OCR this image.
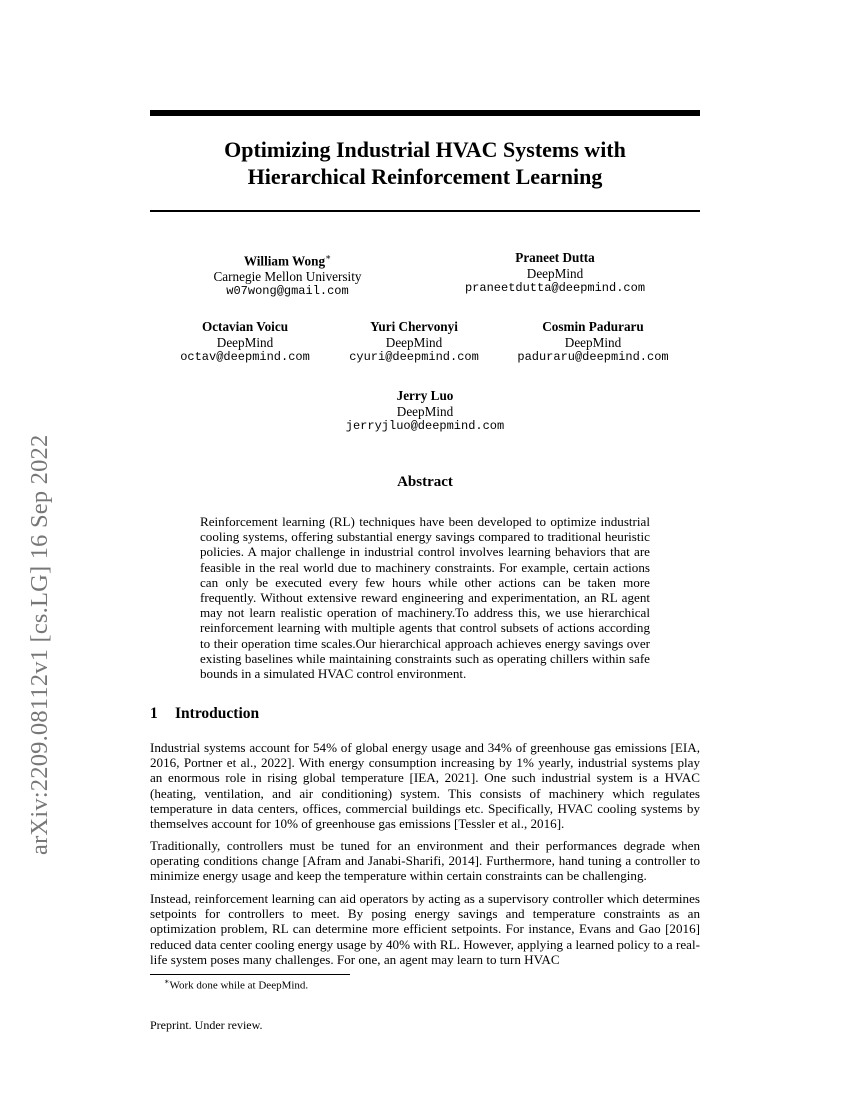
arXiv:2209.08112v1 [cs.LG] 16 Sep 2022
Optimizing Industrial HVAC Systems with
Hierarchical Reinforcement Learning
William Wong∗
Carnegie Mellon University
w07wong@gmail.com
Praneet Dutta
DeepMind
praneetdutta@deepmind.com
Octavian Voicu
DeepMind
octav@deepmind.com
Yuri Chervonyi
DeepMind
cyuri@deepmind.com
Cosmin Paduraru
DeepMind
paduraru@deepmind.com
Jerry Luo
DeepMind
jerryjluo@deepmind.com
Abstract

Reinforcement learning (RL) techniques have been developed to optimize industrial cooling systems, offering substantial energy savings compared to traditional heuristic policies. A major challenge in industrial control involves learning behaviors that are feasible in the real world due to machinery constraints. For example, certain actions can only be executed every few hours while other actions can be taken more frequently. Without extensive reward engineering and experimentation, an RL agent may not learn realistic operation of machinery.To address this, we use hierarchical reinforcement learning with multiple agents that control subsets of actions according to their operation time scales.Our hierarchical approach achieves energy savings over existing baselines while maintaining constraints such as operating chillers within safe bounds in a simulated HVAC control environment.

1 Introduction

Industrial systems account for 54% of global energy usage and 34% of greenhouse gas emissions [EIA, 2016, Portner et al., 2022]. With energy consumption increasing by 1% yearly, industrial systems play an enormous role in rising global temperature [IEA, 2021]. One such industrial system is a HVAC (heating, ventilation, and air conditioning) system. This consists of machinery which regulates temperature in data centers, offices, commercial buildings etc. Specifically, HVAC cooling systems by themselves account for 10% of greenhouse gas emissions [Tessler et al., 2016].

Traditionally, controllers must be tuned for an environment and their performances degrade when operating conditions change [Afram and Janabi-Sharifi, 2014]. Furthermore, hand tuning a controller to minimize energy usage and keep the temperature within certain constraints can be challenging.

Instead, reinforcement learning can aid operators by acting as a supervisory controller which determines setpoints for controllers to meet. By posing energy savings and temperature constraints as an optimization problem, RL can determine more efficient setpoints. For instance, Evans and Gao [2016] reduced data center cooling energy usage by 40% with RL. However, applying a learned policy to a real-life system poses many challenges. For one, an agent may learn to turn HVAC

∗Work done while at DeepMind.
Preprint. Under review.
